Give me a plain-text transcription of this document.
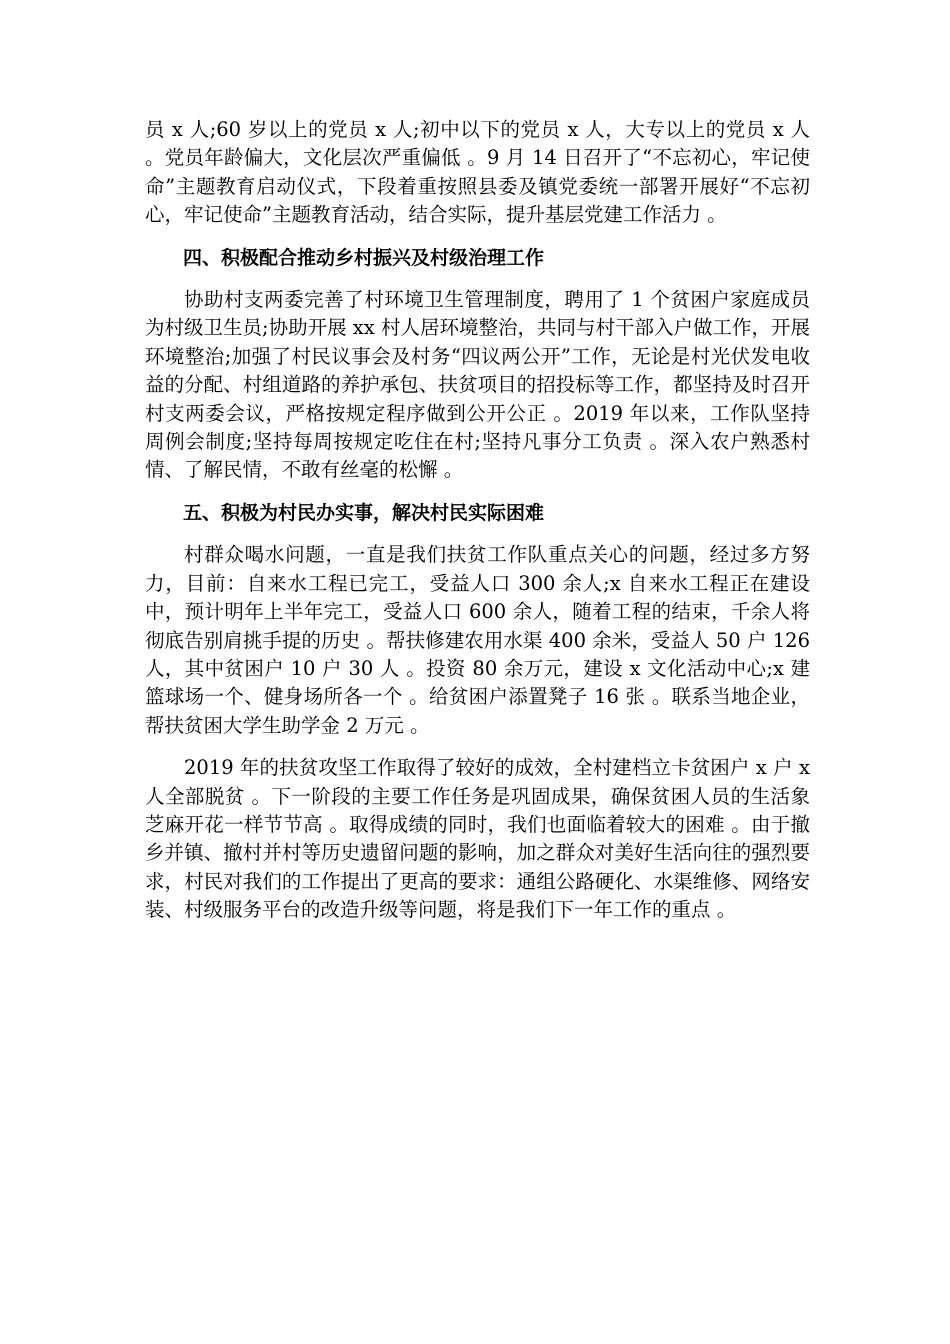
员 x 人;60 岁以上的党员 x 人;初中以下的党员 x 人，大专以上的党员 x 人 。党员年龄偏大，文化层次严重偏低 。9 月 14 日召开了“不忘初心，牢记使命”主题教育启动仪式，下段着重按照县委及镇党委统一部署开展好“不忘初心，牢记使命”主题教育活动，结合实际，提升基层党建工作活力 。

四、积极配合推动乡村振兴及村级治理工作

协助村支两委完善了村环境卫生管理制度，聘用了 1 个贫困户家庭成员为村级卫生员;协助开展 xx 村人居环境整治，共同与村干部入户做工作，开展环境整治;加强了村民议事会及村务“四议两公开”工作，无论是村光伏发电收益的分配、村组道路的养护承包、扶贫项目的招投标等工作，都坚持及时召开村支两委会议，严格按规定程序做到公开公正 。2019 年以来，工作队坚持周例会制度;坚持每周按规定吃住在村;坚持凡事分工负责 。深入农户熟悉村情、了解民情，不敢有丝毫的松懈 。

五、积极为村民办实事，解决村民实际困难

村群众喝水问题，一直是我们扶贫工作队重点关心的问题，经过多方努力，目前：自来水工程已完工，受益人口 300 余人;x 自来水工程正在建设中，预计明年上半年完工，受益人口 600 余人，随着工程的结束，千余人将彻底告别肩挑手提的历史 。帮扶修建农用水渠 400 余米，受益人 50 户 126 人，其中贫困户 10 户 30 人 。投资 80 余万元，建设 x 文化活动中心;x 建篮球场一个、健身场所各一个 。给贫困户添置凳子 16 张 。联系当地企业，帮扶贫困大学生助学金 2 万元 。

2019 年的扶贫攻坚工作取得了较好的成效，全村建档立卡贫困户 x 户 x 人全部脱贫 。下一阶段的主要工作任务是巩固成果，确保贫困人员的生活象芝麻开花一样节节高 。取得成绩的同时，我们也面临着较大的困难 。由于撤乡并镇、撤村并村等历史遗留问题的影响，加之群众对美好生活向往的强烈要求，村民对我们的工作提出了更高的要求：通组公路硬化、水渠维修、网络安装、村级服务平台的改造升级等问题，将是我们下一年工作的重点 。
